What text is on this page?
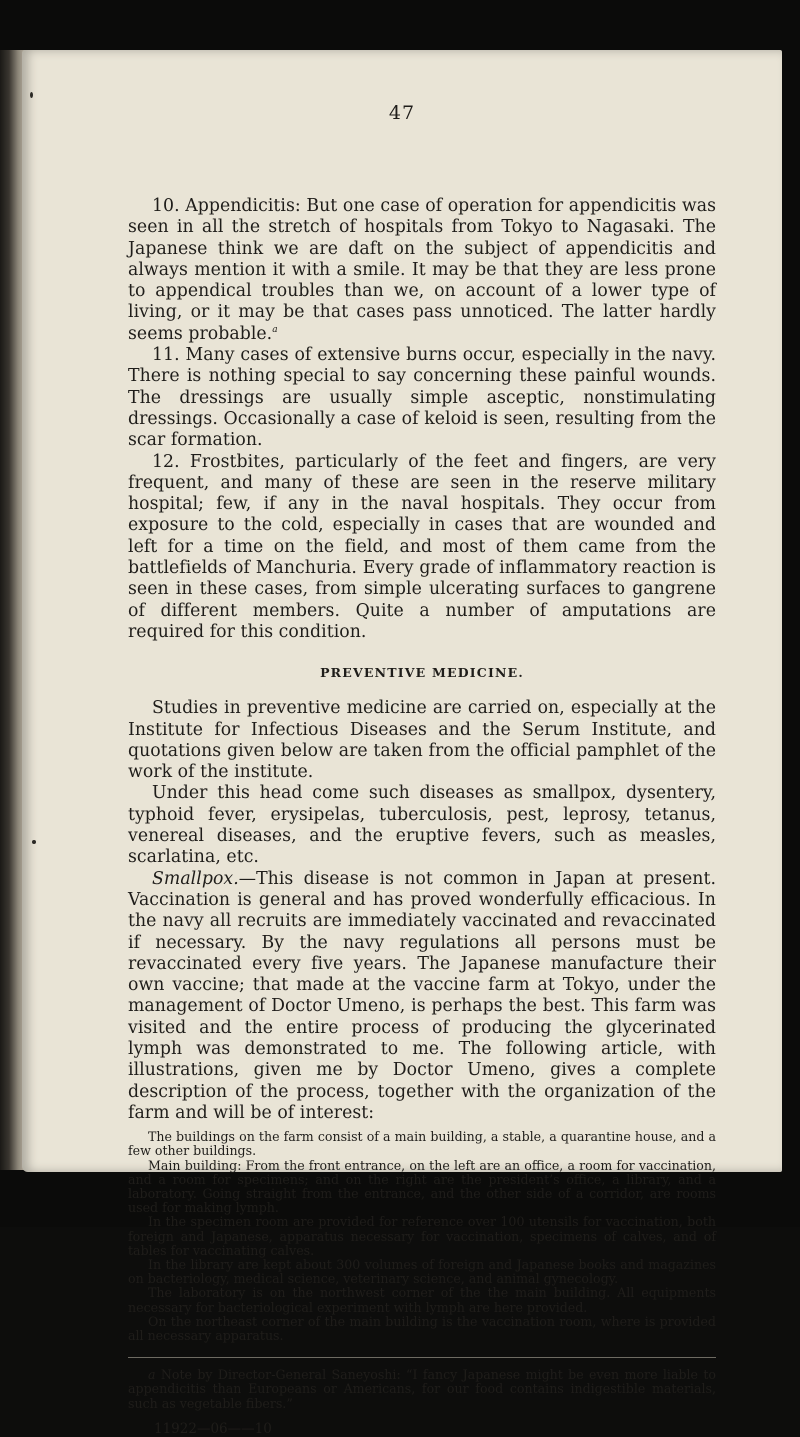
47

10. Appendicitis: But one case of operation for appendicitis was seen in all the stretch of hospitals from Tokyo to Nagasaki. The Japanese think we are daft on the subject of appendicitis and always mention it with a smile. It may be that they are less prone to appendical troubles than we, on account of a lower type of living, or it may be that cases pass unnoticed. The latter hardly seems probable.$^a$

11. Many cases of extensive burns occur, especially in the navy. There is nothing special to say concerning these painful wounds. The dressings are usually simple asceptic, nonstimulating dressings. Occasionally a case of keloid is seen, resulting from the scar formation.

12. Frostbites, particularly of the feet and fingers, are very frequent, and many of these are seen in the reserve military hospital; few, if any in the naval hospitals. They occur from exposure to the cold, especially in cases that are wounded and left for a time on the field, and most of them came from the battlefields of Manchuria. Every grade of inflammatory reaction is seen in these cases, from simple ulcerating surfaces to gangrene of different members. Quite a number of amputations are required for this condition.

PREVENTIVE MEDICINE.

Studies in preventive medicine are carried on, especially at the Institute for Infectious Diseases and the Serum Institute, and quotations given below are taken from the official pamphlet of the work of the institute.

Under this head come such diseases as smallpox, dysentery, typhoid fever, erysipelas, tuberculosis, pest, leprosy, tetanus, venereal diseases, and the eruptive fevers, such as measles, scarlatina, etc.

Smallpox.—This disease is not common in Japan at present. Vaccination is general and has proved wonderfully efficacious. In the navy all recruits are immediately vaccinated and revaccinated if necessary. By the navy regulations all persons must be revaccinated every five years. The Japanese manufacture their own vaccine; that made at the vaccine farm at Tokyo, under the management of Doctor Umeno, is perhaps the best. This farm was visited and the entire process of producing the glycerinated lymph was demonstrated to me. The following article, with illustrations, given me by Doctor Umeno, gives a complete description of the process, together with the organization of the farm and will be of interest:

The buildings on the farm consist of a main building, a stable, a quarantine house, and a few other buildings.

Main building: From the front entrance, on the left are an office, a room for vaccination, and a room for specimens; and on the right are the president’s office, a library, and a laboratory. Going straight from the entrance, and the other side of a corridor, are rooms used for making lymph.

In the specimen room are provided for reference over 100 utensils for vaccination, both foreign and Japanese, apparatus necessary for vaccination, specimens of calves, and of tables for vaccinating calves.

In the library are kept about 300 volumes of foreign and Japanese books and magazines on bacteriology, medical science, veterinary science, and animal gynecology.

The laboratory is on the northwest corner of the the main building. All equipments necessary for bacteriological experiment with lymph are here provided.

On the northeast corner of the main building is the vaccination room, where is provided all necessary apparatus.

a Note by Director-General Saneyoshi: “I fancy Japanese might be even more liable to appendicitis than Europeans or Americans, for our food contains indigestible materials, such as vegetable fibers.”

11922—06——10
